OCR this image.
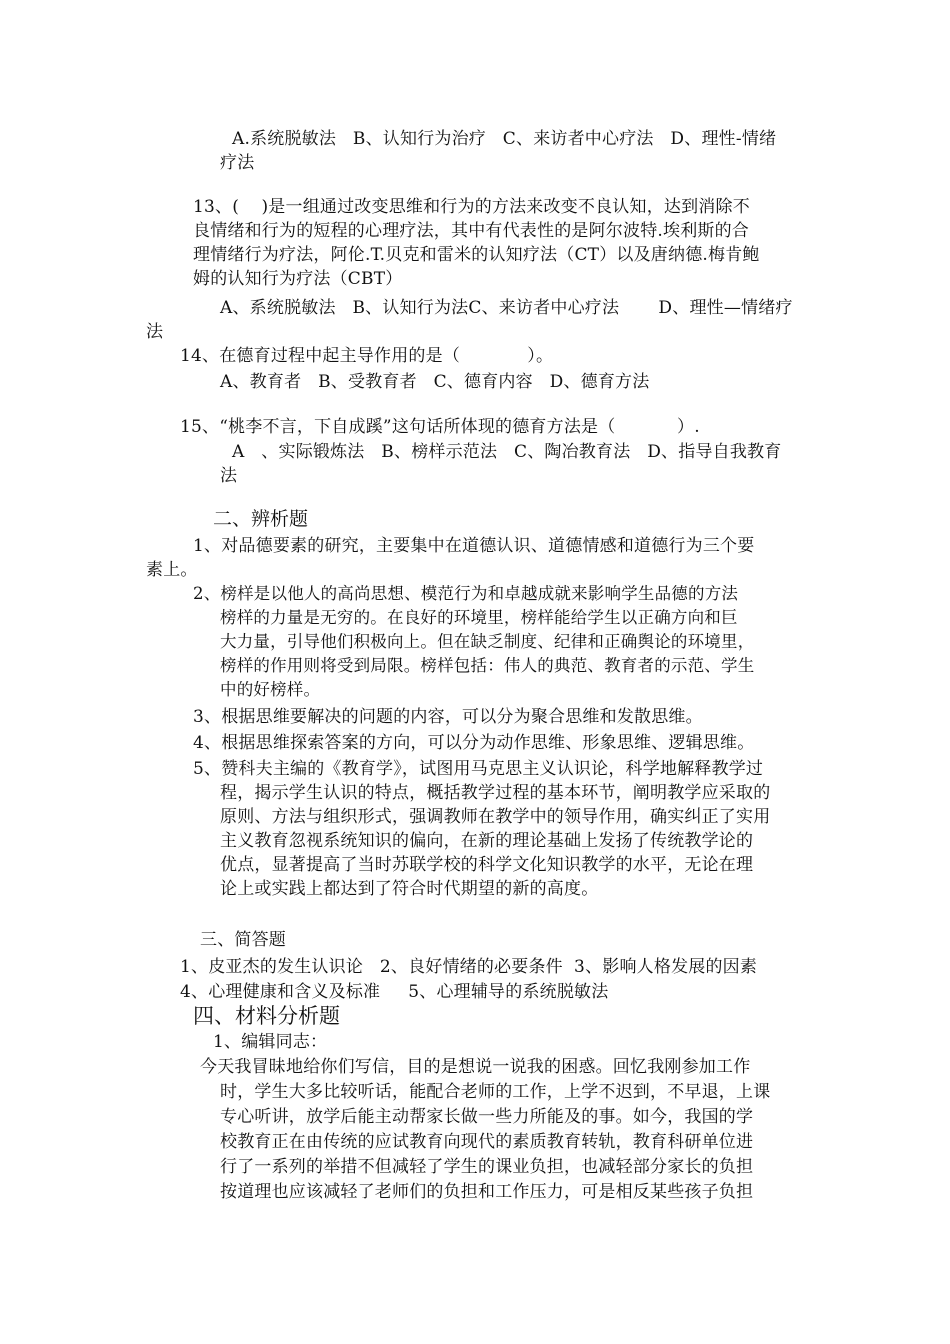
A.系统脱敏法   B、认知行为治疗   C、来访者中心疗法   D、理性-情绪
疗法
13、(    )是一组通过改变思维和行为的方法来改变不良认知，达到消除不
良情绪和行为的短程的心理疗法，其中有代表性的是阿尔波特.埃利斯的合
理情绪行为疗法，阿伦.T.贝克和雷米的认知疗法（CT）以及唐纳德.梅肯鲍
姆的认知行为疗法（CBT）
A、系统脱敏法   B、认知行为法C、来访者中心疗法       D、理性—情绪疗
法
14、在德育过程中起主导作用的是（            ）。
A、教育者   B、受教育者   C、德育内容   D、德育方法
15、“桃李不言，下自成蹊”这句话所体现的德育方法是（           ）.
A   、实际锻炼法   B、榜样示范法   C、陶冶教育法   D、指导自我教育
法
二、辨析题
1、对品德要素的研究，主要集中在道德认识、道德情感和道德行为三个要
素上。
2、榜样是以他人的高尚思想、模范行为和卓越成就来影响学生品德的方法
榜样的力量是无穷的。在良好的环境里，榜样能给学生以正确方向和巨
大力量，引导他们积极向上。但在缺乏制度、纪律和正确舆论的环境里，
榜样的作用则将受到局限。榜样包括：伟人的典范、教育者的示范、学生
中的好榜样。
3、根据思维要解决的问题的内容，可以分为聚合思维和发散思维。
4、根据思维探索答案的方向，可以分为动作思维、形象思维、逻辑思维。
5、赞科夫主编的《教育学》，试图用马克思主义认识论，科学地解释教学过
程，揭示学生认识的特点，概括教学过程的基本环节，阐明教学应采取的
原则、方法与组织形式，强调教师在教学中的领导作用，确实纠正了实用
主义教育忽视系统知识的偏向，在新的理论基础上发扬了传统教学论的
优点，显著提高了当时苏联学校的科学文化知识教学的水平，无论在理
论上或实践上都达到了符合时代期望的新的高度。
三、简答题
1、皮亚杰的发生认识论   2、良好情绪的必要条件  3、影响人格发展的因素
4、心理健康和含义及标准     5、心理辅导的系统脱敏法
四、材料分析题
1、编辑同志：
今天我冒昧地给你们写信，目的是想说一说我的困惑。回忆我刚参加工作
时，学生大多比较听话，能配合老师的工作，上学不迟到，不早退，上课
专心听讲，放学后能主动帮家长做一些力所能及的事。如今，我国的学
校教育正在由传统的应试教育向现代的素质教育转轨，教育科研单位进
行了一系列的举措不但减轻了学生的课业负担，也减轻部分家长的负担
按道理也应该减轻了老师们的负担和工作压力，可是相反某些孩子负担
